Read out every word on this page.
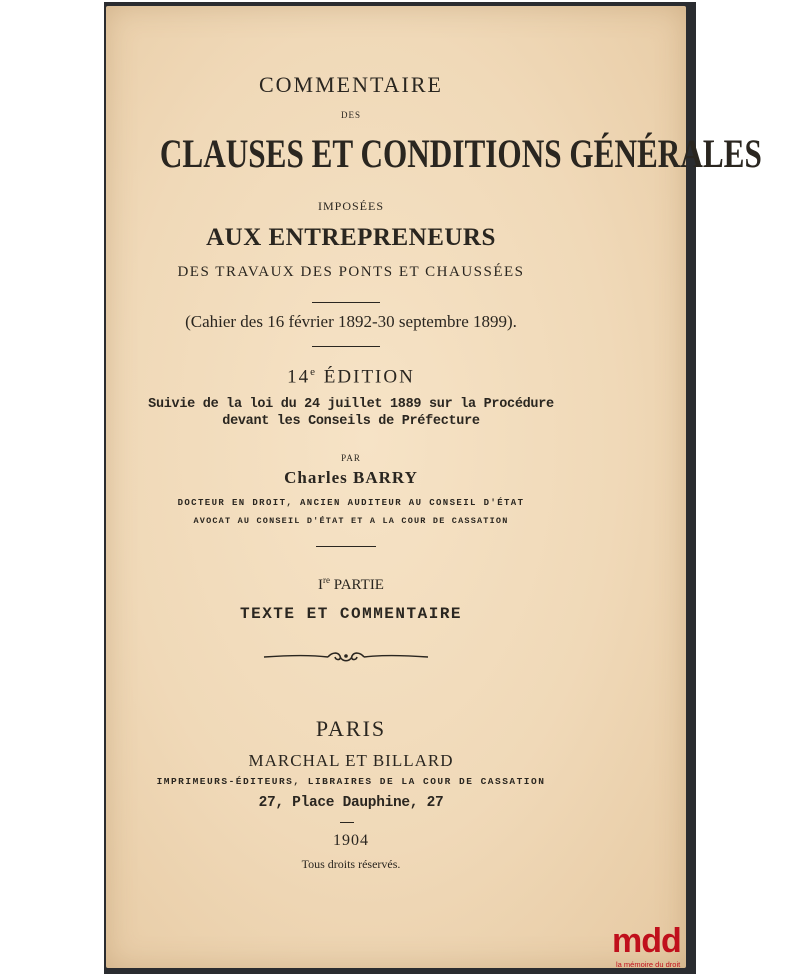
COMMENTAIRE
DES
CLAUSES ET CONDITIONS GÉNÉRALES
IMPOSÉES
AUX ENTREPRENEURS
DES TRAVAUX DES PONTS ET CHAUSSÉES
(Cahier des 16 février 1892-30 septembre 1899).
14e ÉDITION
Suivie de la loi du 24 juillet 1889 sur la Procédure
devant les Conseils de Préfecture
PAR
Charles BARRY
DOCTEUR EN DROIT, ANCIEN AUDITEUR AU CONSEIL D'ÉTAT
AVOCAT AU CONSEIL D'ÉTAT ET A LA COUR DE CASSATION
Ire PARTIE
TEXTE ET COMMENTAIRE
PARIS
MARCHAL ET BILLARD
IMPRIMEURS-ÉDITEURS, LIBRAIRES DE LA COUR DE CASSATION
27, Place Dauphine, 27
1904
Tous droits réservés.
mdd
la mémoire du droit
